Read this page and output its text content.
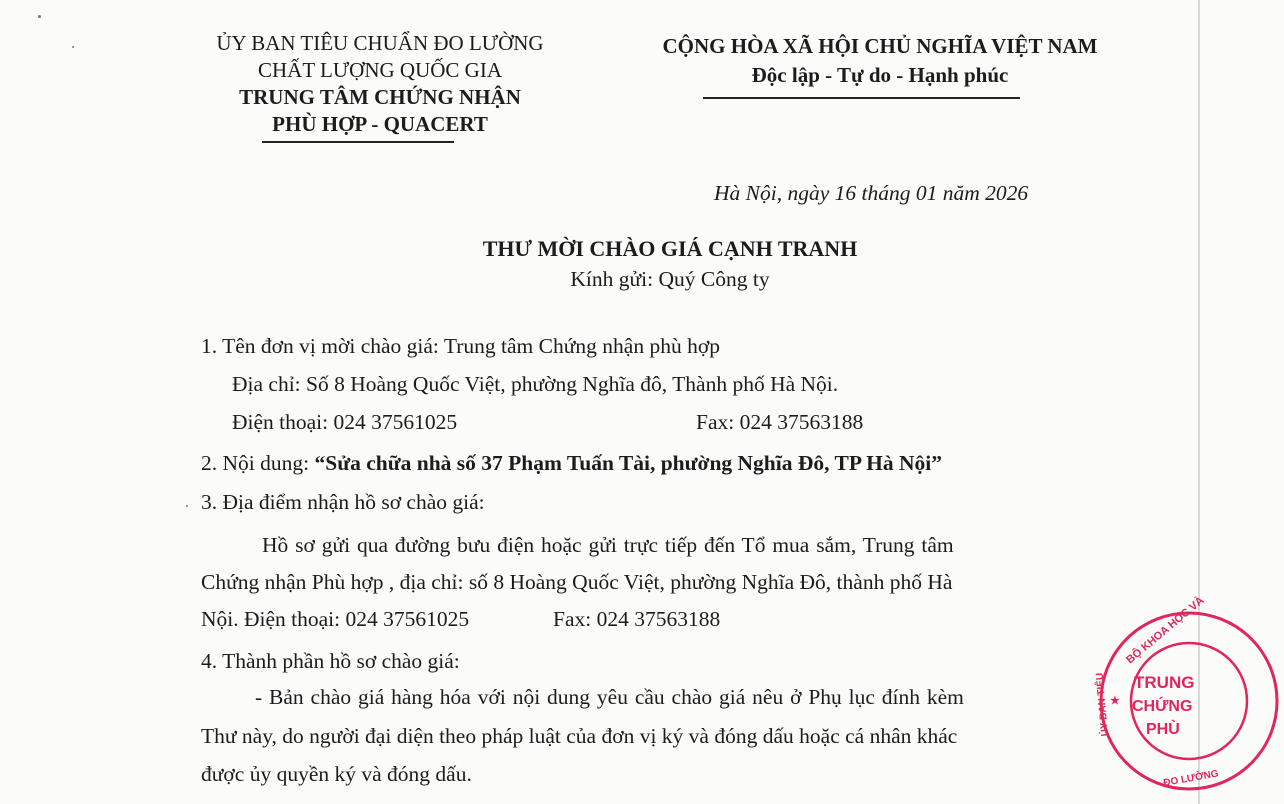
ỦY BAN TIÊU CHUẨN ĐO LƯỜNG
CHẤT LƯỢNG QUỐC GIA
TRUNG TÂM CHỨNG NHẬN
PHÙ HỢP - QUACERT
CỘNG HÒA XÃ HỘI CHỦ NGHĨA VIỆT NAM
Độc lập - Tự do - Hạnh phúc
Hà Nội, ngày 16 tháng 01 năm 2026
THƯ MỜI CHÀO GIÁ CẠNH TRANH
Kính gửi: Quý Công ty
1. Tên đơn vị mời chào giá: Trung tâm Chứng nhận phù hợp
Địa chỉ: Số 8 Hoàng Quốc Việt, phường Nghĩa đô, Thành phố Hà Nội.
Điện thoại: 024 37561025	Fax: 024 37563188
2. Nội dung: “Sửa chữa nhà số 37 Phạm Tuấn Tài, phường Nghĩa Đô, TP Hà Nội”
3. Địa điểm nhận hồ sơ chào giá:
Hồ sơ gửi qua đường bưu điện hoặc gửi trực tiếp đến Tổ mua sắm, Trung tâm
Chứng nhận Phù hợp , địa chỉ: số 8 Hoàng Quốc Việt, phường Nghĩa Đô, thành phố Hà
Nội. Điện thoại: 024 37561025	Fax: 024 37563188
4. Thành phần hồ sơ chào giá:
- Bản chào giá hàng hóa với nội dung yêu cầu chào giá nêu ở Phụ lục đính kèm
Thư này, do người đại diện theo pháp luật của đơn vị ký và đóng dấu hoặc cá nhân khác
được ủy quyền ký và đóng dấu.
BỘ KHOA HỌC VÀ
ỦY BAN TIÊU
ĐO LƯỜNG
★
TRUNG
CHỨNG
PHÙ
